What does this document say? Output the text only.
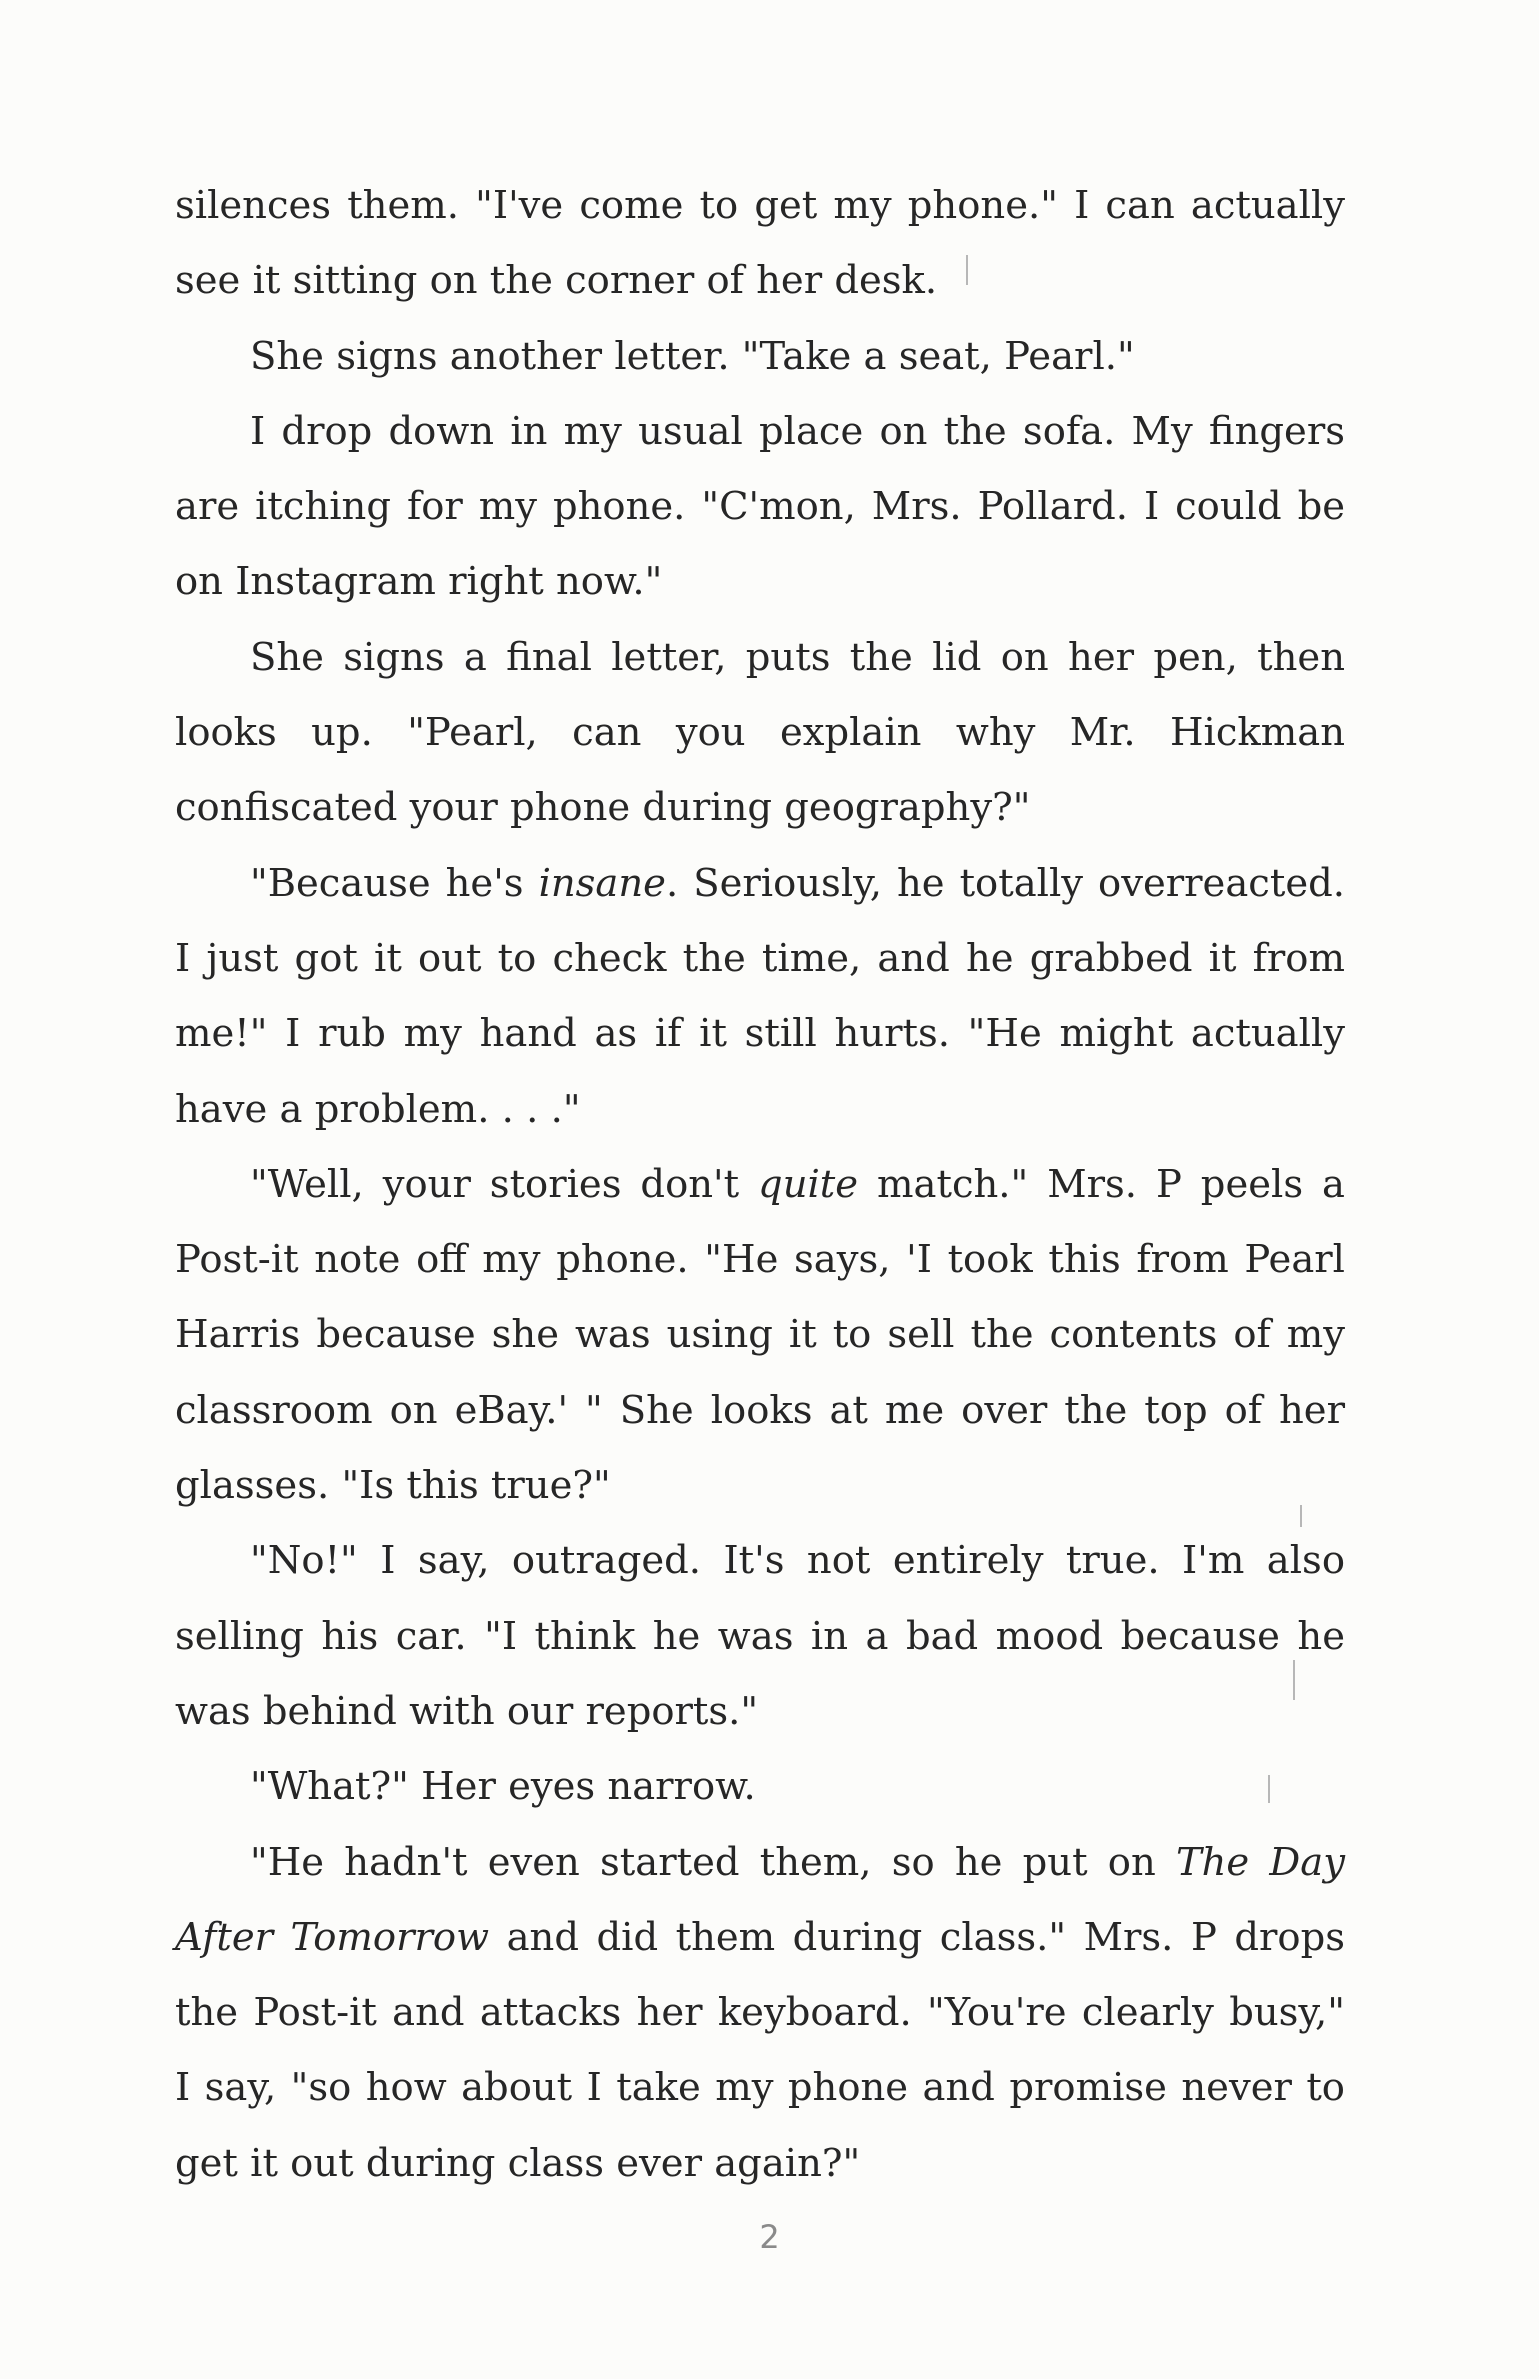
silences them. "I've come to get my phone." I can actually see it sitting on the corner of her desk.

She signs another letter. "Take a seat, Pearl."

I drop down in my usual place on the sofa. My fingers are itching for my phone. "C'mon, Mrs. Pollard. I could be on Instagram right now."

She signs a final letter, puts the lid on her pen, then looks up. "Pearl, can you explain why Mr. Hickman confiscated your phone during geography?"

"Because he's insane. Seriously, he totally overreacted. I just got it out to check the time, and he grabbed it from me!" I rub my hand as if it still hurts. "He might actually have a problem. . . ."

"Well, your stories don't quite match." Mrs. P peels a Post-it note off my phone. "He says, 'I took this from Pearl Harris because she was using it to sell the contents of my classroom on eBay.' " She looks at me over the top of her glasses. "Is this true?"

"No!" I say, outraged. It's not entirely true. I'm also selling his car. "I think he was in a bad mood because he was behind with our reports."

"What?" Her eyes narrow.

"He hadn't even started them, so he put on The Day After Tomorrow and did them during class." Mrs. P drops the Post-it and attacks her keyboard. "You're clearly busy," I say, "so how about I take my phone and promise never to get it out during class ever again?"

2
